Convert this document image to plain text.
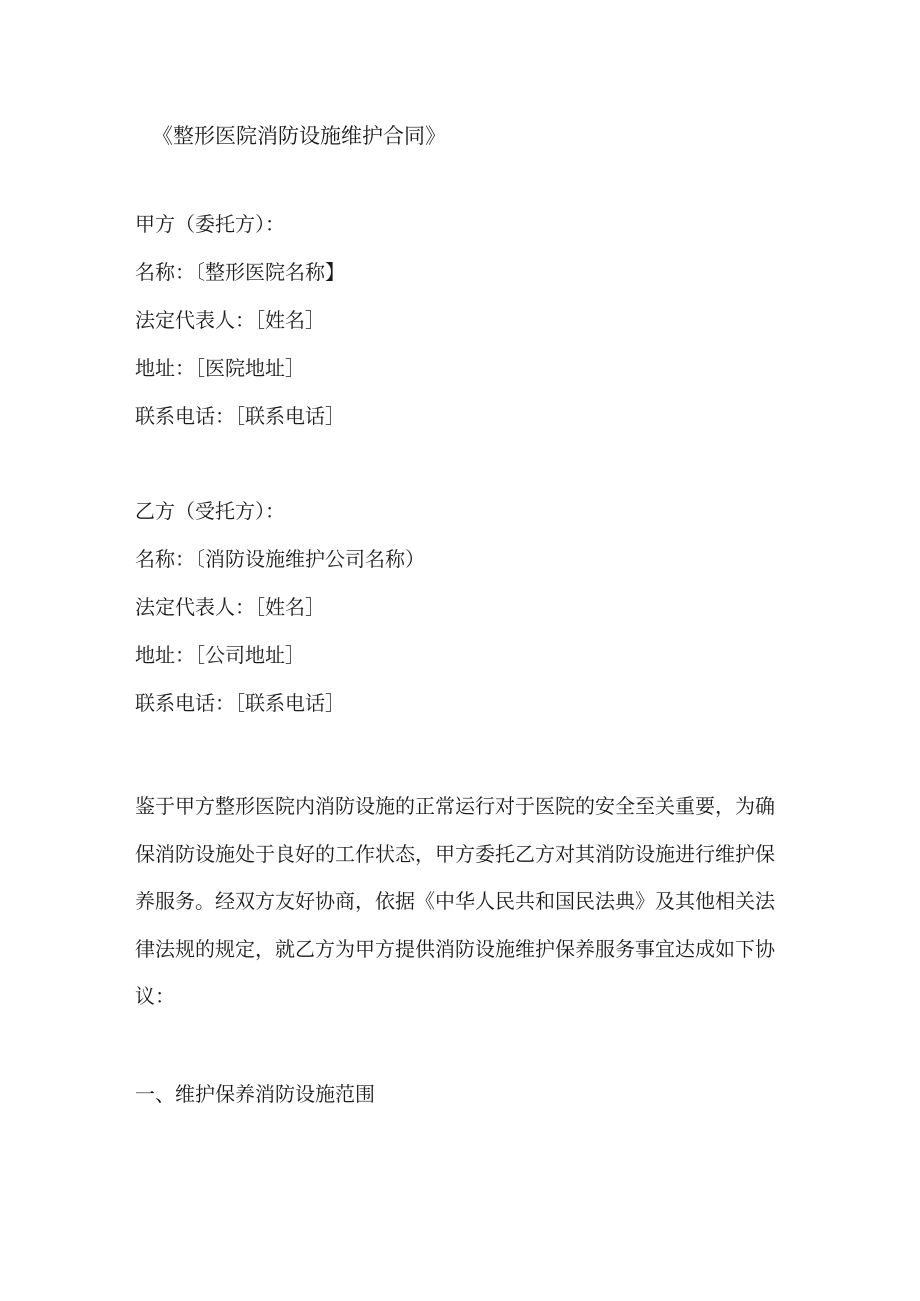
《整形医院消防设施维护合同》

甲方（委托方）：

名称：〔整形医院名称】

法定代表人：［姓名］

地址：［医院地址］

联系电话：［联系电话］

乙方（受托方）：

名称：〔消防设施维护公司名称）

法定代表人：［姓名］

地址：［公司地址］

联系电话：［联系电话］

鉴于甲方整形医院内消防设施的正常运行对于医院的安全至关重要，为确保消防设施处于良好的工作状态，甲方委托乙方对其消防设施进行维护保养服务。经双方友好协商，依据《中华人民共和国民法典》及其他相关法律法规的规定，就乙方为甲方提供消防设施维护保养服务事宜达成如下协议：

一、维护保养消防设施范围
